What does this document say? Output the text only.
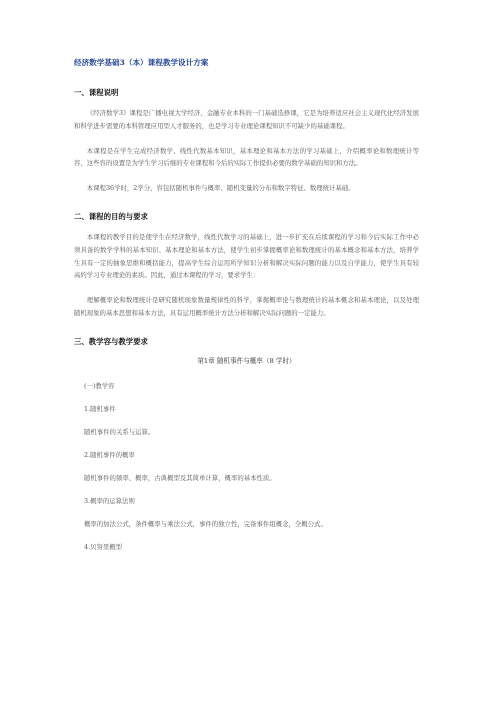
经济数学基础3（本）课程教学设计方案
一、课程说明

《经济数学3》课程是广播电视大学经济、金融专业本科的一门基础选修课，它是为培养适应社会主义现代化经济发展和科学进步需要的本科管理应用型人才服务的，也是学习专业理论课程知识不可缺少的基础课程。

本课程是在学生完成经济数学、线性代数基本知识，基本理论和基本方法的学习基础上，介绍概率论和数理统计等容，这些容的设置是为学生学习后继的专业课程和今后的实际工作提供必要的数学基础的知识和方法。

本课程36学时，2学分，容包括随机事件与概率、随机变量的分布和数字特征、数理统计基础。

二、课程的目的与要求

本课程的教学目的是使学生在经济数学，线性代数学习的基础上，进一步扩充在后续课程的学习和今后实际工作中必须具备的数学学科的基本知识、基本理论和基本方法，使学生初步掌握概率论和数理统计的基本概念和基本方法，培养学生具有一定的抽象思维和概括能力，提高学生综合运用所学知识分析和解决实际问题的能力以及自学能力，使学生具有较高的学习专业理论的素质。因此，通过本课程的学习，要求学生：

理解概率论和数理统计是研究随机现象数量规律性的科学，掌握概率论与数理统计的基本概念和基本理论，以及处理随机现象的基本思想和基本方法，具有运用概率统计方法分析和解决实际问题的一定能力。

三、教学容与教学要求
第1章 随机事件与概率（8 学时）
(一)教学容
1.随机事件
随机事件的关系与运算。
2.随机事件的概率
随机事件的频率、概率，古典概型及其简单计算，概率的基本性质。
3.概率的运算法则
概率的加法公式，条件概率与乘法公式，事件的独立性，完备事件组概念，全概公式。
4.贝努里概型
